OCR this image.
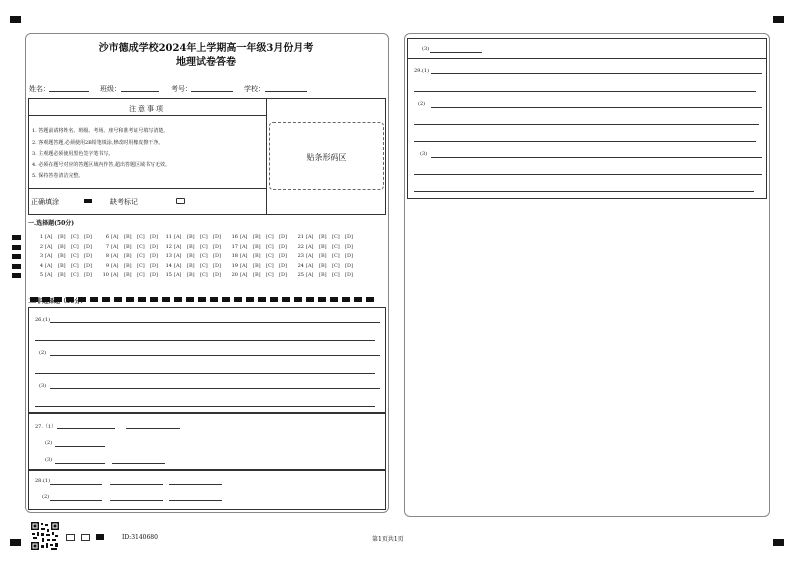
沙市德成学校2024年上学期高一年级3月份月考
地理试卷答卷
姓名：	班级：	考号：	学校：
注意事项
1. 答题前请将姓名、班级、考场、座号和准考证号填写清楚。
2. 客观题答题,必须使用2B铅笔填涂,修改时用橡皮擦干净。
3. 主观题必须使用黑色签字笔书写。
4. 必须在题号对应的答题区域内作答,超出答题区域书写无效。
5. 保持答卷清洁完整。
正确填涂	缺考标记
贴条形码区
一.选择题(50分)
1 [A] [B] [C] [D]
2 [A] [B] [C] [D]
3 [A] [B] [C] [D]
4 [A] [B] [C] [D]
5 [A] [B] [C] [D]
6 [A] [B] [C] [D]
7 [A] [B] [C] [D]
8 [A] [B] [C] [D]
9 [A] [B] [C] [D]
10 [A] [B] [C] [D]
11 [A] [B] [C] [D]
12 [A] [B] [C] [D]
13 [A] [B] [C] [D]
14 [A] [B] [C] [D]
15 [A] [B] [C] [D]
16 [A] [B] [C] [D]
17 [A] [B] [C] [D]
18 [A] [B] [C] [D]
19 [A] [B] [C] [D]
20 [A] [B] [C] [D]
21 [A] [B] [C] [D]
22 [A] [B] [C] [D]
23 [A] [B] [C] [D]
24 [A] [B] [C] [D]
25 [A] [B] [C] [D]
二.非选择题（50分）
26.(1)
(2)
(3)
27.（1）
(2)
(3)
28.(1)
(2)
(3)
29.(1)
(2)
(3)
ID:3140680	第1页共1页
